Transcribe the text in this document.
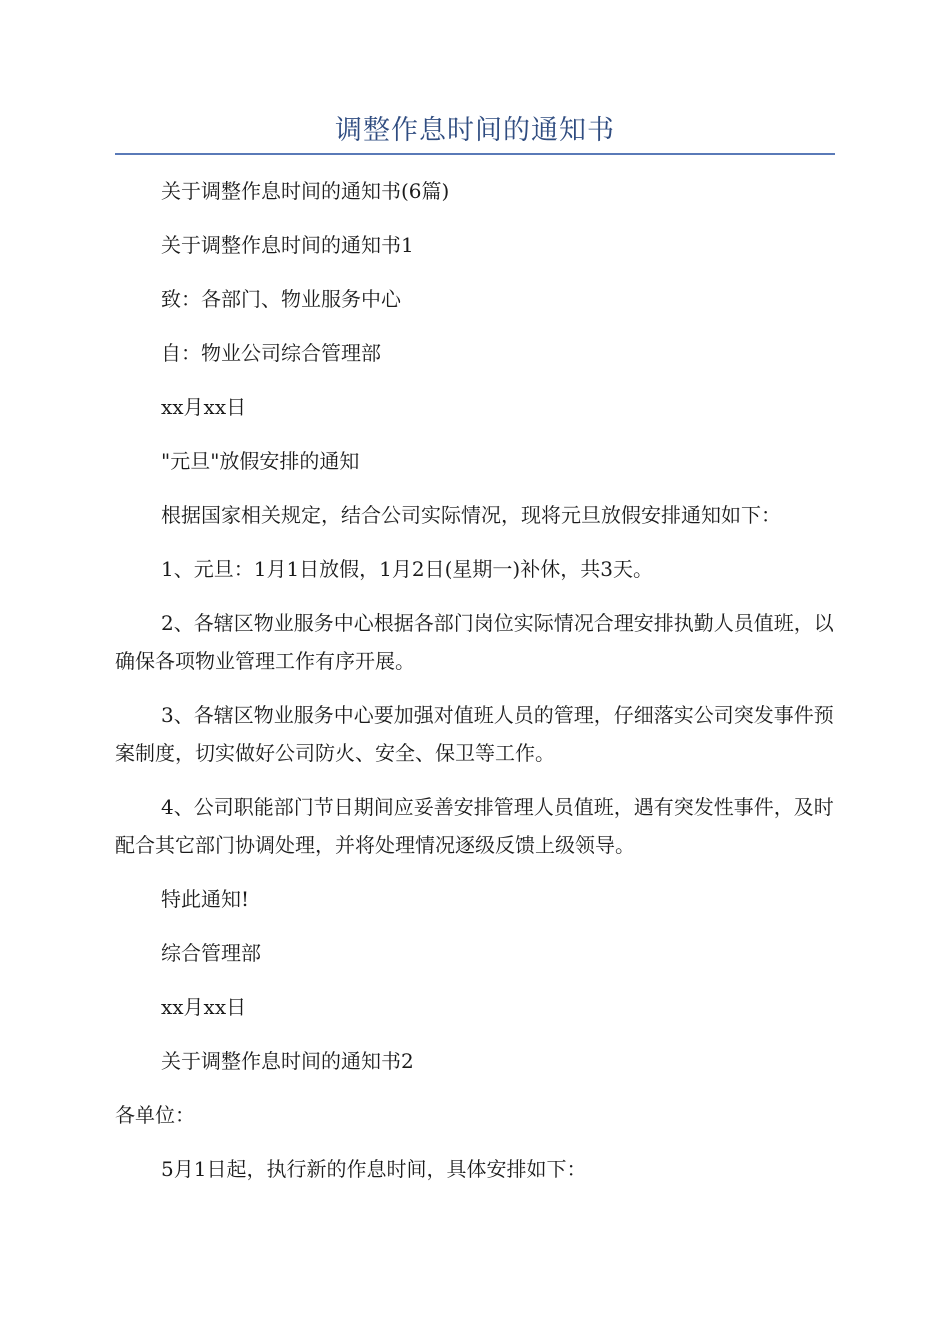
调整作息时间的通知书

关于调整作息时间的通知书(6篇)

关于调整作息时间的通知书1

致：各部门、物业服务中心

自：物业公司综合管理部

xx月xx日

"元旦"放假安排的通知

根据国家相关规定，结合公司实际情况，现将元旦放假安排通知如下：

1、元旦：1月1日放假，1月2日(星期一)补休，共3天。

2、各辖区物业服务中心根据各部门岗位实际情况合理安排执勤人员值班，以确保各项物业管理工作有序开展。

3、各辖区物业服务中心要加强对值班人员的管理，仔细落实公司突发事件预案制度，切实做好公司防火、安全、保卫等工作。

4、公司职能部门节日期间应妥善安排管理人员值班，遇有突发性事件，及时配合其它部门协调处理，并将处理情况逐级反馈上级领导。

特此通知!

综合管理部

xx月xx日

关于调整作息时间的通知书2

各单位：

5月1日起，执行新的作息时间，具体安排如下：
